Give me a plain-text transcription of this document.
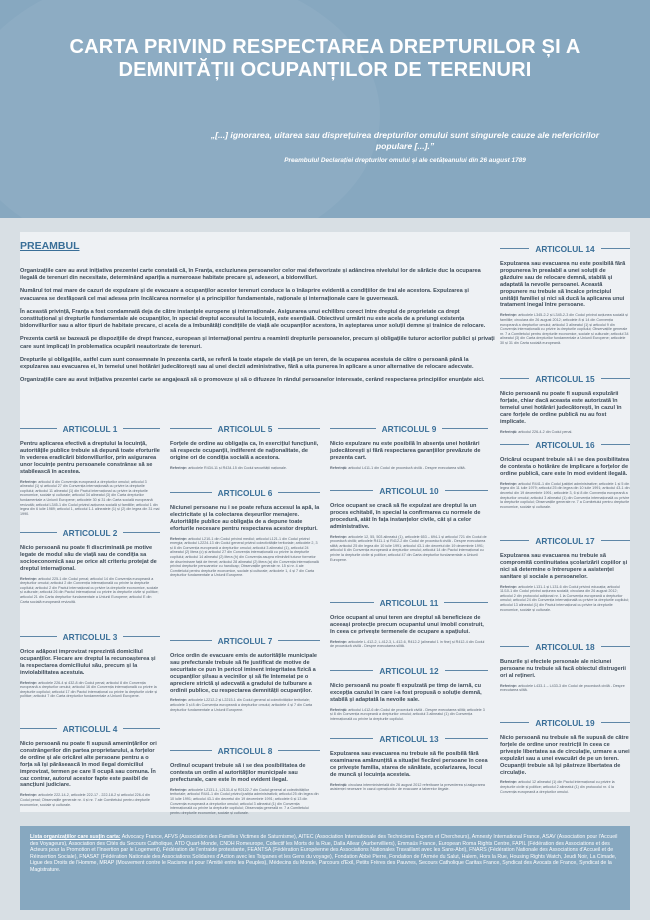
CARTA PRIVIND RESPECTAREA DREPTURILOR ȘI A DEMNITĂȚII OCUPANȚILOR DE TERENURI
„[...] ignorarea, uitarea sau disprețuirea drepturilor omului sunt singurele cauze ale nefericirilor populare [...].”
Preambulul Declarației drepturilor omului și ale cetățeanului din 26 august 1789
PREAMBUL

Organizațiile care au avut inițiativa prezentei carte constată că, în Franța, excluziunea persoanelor celor mai defavorizate și adâncirea nivelului lor de sărăcie duc la ocuparea ilegală de terenuri din necesitate, determinând apariția a numeroase habitate precare și, adeseori, a bidonvilluri.

Numărul tot mai mare de cazuri de expulzare și de evacuare a ocupanților acestor terenuri conduce la o înăsprire evidentă a condițiilor de trai ale acestora. Expulzarea și evacuarea se desfășoară cel mai adesea prin încălcarea normelor și a principiilor fundamentale, naționale și internaționale care le guvernează.

În această privință, Franța a fost condamnată deja de către instanțele europene și internaționale. Asigurarea unui echilibru corect între dreptul de proprietate ca drept constituțional și drepturile fundamentale ale ocupanților, în special dreptul accesului la locuință, este esențială. Obiectivul urmărit nu este acela de a prelungi existența bidonvillurilor sau a altor tipuri de habitate precare, ci acela de a îmbunătăți condițiile de viață ale ocupanților acestora, în așteptarea unor soluții demne și trainice de relocare.

Prezenta cartă se bazează pe dispozițiile de drept francez, european și internațional pentru a reaminti drepturile persoanelor, precum și obligațiile tuturor actorilor publici și privați care sunt implicați în problematica ocupării neautorizate de terenuri.

Drepturile și obligațiile, astfel cum sunt consemnate în prezenta cartă, se referă la toate etapele de viață pe un teren, de la ocuparea acestuia de către o persoană până la expulzarea sau evacuarea ei, în temeiul unei hotărâri judecătorești sau al unei decizii administrative, fără a uita punerea în aplicare a unor alternative de relocare adecvate.

Organizațiile care au avut inițiativa prezentei carte se angajează să o promoveze și să o difuzeze în rândul persoanelor interesate, cerând respectarea principiilor enunțate aici.

ARTICOLUL 1
Pentru aplicarea efectivă a dreptului la locuință, autoritățile publice trebuie să depună toate eforturile în vederea eradicării bidonvillurilor, prin asigurarea unor locuințe pentru persoanele constrânse să se stabilească în acestea.
Referințe: articolul 8 din Convenția europeană a drepturilor omului; articolul 3 alineatul (1) și articolul 27 din Convenția internațională cu privire la drepturile copilului; articolul 11 alineatul (1) din Pactul internațional cu privire la drepturile economice, sociale și culturale; articolul 34 alineatul (3) din Carta drepturilor fundamentale a Uniunii Europene; articolele 30 și 31 din Carta socială europeană revizuită; articolul L345-1 din Codul privind acțiunea socială și familiile; articolul 1 din legea din 6 iulie 1989; articolul 1, articolul 1-1 alineatele (1) și (2) din legea din 31 mai 1990.
ARTICOLUL 2
Nicio persoană nu poate fi discriminată pe motive legate de modul său de viață sau de condiția sa socioeconomică sau pe orice alt criteriu protejat de dreptul internațional.
Referințe: articolul 225-1 din Codul penal; articolul 14 din Convenția europeană a drepturilor omului; articolul 2 din Convenția internațională cu privire la drepturile copilului; articolul 2 din Pactul internațional cu privire la drepturile economice, sociale și culturale; articolul 26 din Pactul internațional cu privire la drepturile civile și politice; articolul 21 din Carta drepturilor fundamentale a Uniunii Europene; articolul E din Carta socială europeană revizuită.
ARTICOLUL 3
Orice adăpost improvizat reprezintă domiciliul ocupanților. Fiecare are dreptul la recunoașterea și la respectarea domiciliului său, precum și la inviolabilitatea acestuia.
Referințe: articolele 226-4 și 432-8 din Codul penal; articolul 8 din Convenția europeană a drepturilor omului; articolul 16 din Convenția internațională cu privire la drepturile copilului; articolul 17 din Pactul internațional cu privire la drepturile civile și politice; articolul 7 din Carta drepturilor fundamentale a Uniunii Europene.
ARTICOLUL 4
Nicio persoană nu poate fi supusă amenințărilor ori constrângerilor din partea proprietarului, a forțelor de ordine și ale oricărei alte persoane pentru a o forța să își părăsească în mod ilegal domiciliul improvizat, termen pe care îl ocupă sau comuna. În caz contrar, autorul acestor fapte este pasibil de sancțiuni judiciare.
Referințe: articolele 222-14-2, articolele 222-17 - 222-18-2 și articolul 226-4 din Codul penal; Observațiile generale nr. 4 și nr. 7 ale Comitetului pentru drepturile economice, sociale și culturale.
ARTICOLUL 5
Forțele de ordine au obligația ca, în exercițiul funcțiunii, să respecte ocupanții, indiferent de naționalitate, de origine ori de condiția socială a acestora.
Referințe: articolele R434-11 și R434-15 din Codul securității naționale.
ARTICOLUL 6
Niciunei persoane nu i se poate refuza accesul la apă, la electricitate și la colectarea deșeurilor menajere. Autoritățile publice au obligația de a depune toate eforturile necesare pentru respectarea acestor drepturi.
Referințe: articolul L210-1 din Codul privind mediul; articolul L121-1 din Codul privind energia; articolul L2224-13 din Codul general privind colectivitățile teritoriale; articolele 2, 3 și 8 din Convenția europeană a drepturilor omului; articolul 3 alineatul (1), articolul 24 alineatul (2) litera (c) și articolul 27 din Convenția internațională cu privire la drepturile copilului; articolul 14 alineatul (2) litera (h) din Convenția asupra eliminării tuturor formelor de discriminare față de femei; articolul 28 alineatul (2) litera (a) din Convenția internațională privind drepturile persoanelor cu handicap; Observațiile generale nr. 15 și nr. 4 ale Comitetului pentru drepturile economice, sociale și culturale; articolele 1, 4 și 7 din Carta drepturilor fundamentale a Uniunii Europene.
ARTICOLUL 7
Orice ordin de evacuare emis de autoritățile municipale sau prefecturale trebuie să fie justificat de motive de securitate ce pun în pericol iminent integritatea fizică a ocupanților și/sau a vecinilor și să fie întemeiat pe o apreciere strictă și adecvată a gradului de tulburare a ordinii publice, cu respectarea demnității ocupanților.
Referințe: articolele L2212-2 și L2215-1 din Codul general al colectivităților teritoriale; articolele 3 și 8 din Convenția europeană a drepturilor omului; articolele 4 și 7 din Carta drepturilor fundamentale a Uniunii Europene.
ARTICOLUL 8
Ordinul ocupant trebuie să i se dea posibilitatea de contesta un ordin al autorităților municipale sau prefecturale, care este în mod evident ilegal.
Referințe: articolele L2131-1, L2131-6 și R2122-7 din Codul general al colectivităților teritoriale; articolul R441-1 din Codul privind justiția administrativă; articolul 25 din legea din 10 iulie 1991; articolul 43-1 din decretul din 19 decembrie 1991; articolele 6 și 13 din Convenția europeană a drepturilor omului; articolul 3 alineatul (1) din Convenția internațională cu privire la drepturile copilului; Observația generală nr. 7 a Comitetului pentru drepturile economice, sociale și culturale.
ARTICOLUL 9
Nicio expulzare nu este posibilă în absența unei hotărâri judecătorești și fără respectarea garanțiilor prevăzute de prezenta cart.
Referință: articolul L411-1 din Codul de procedură civilă - Despre executarea silită.
ARTICOLUL 10
Orice ocupant se cracă să fie expulzat are dreptul la un proces echitabil, în special la confirmarea cu normele de procedură, atât în fața instanțelor civile, cât și a celor administrative.
Referințe: articolele 12, 55, 503 alineatul (1), articolele 653 – 694-1 și articolul 721 din Codul de procedură civilă; articolele R411-1 și R412-2 din Codul de procedură civilă - Despre executarea silită; articolul 25 din legea din 10 iulie 1991; articolul 43-1 din decretul din 19 decembrie 1991; articolul 6 din Convenția europeană a drepturilor omului; articolul 14 din Pactul internațional cu privire la drepturile civile și politice; articolul 47 din Carta drepturilor fundamentale a Uniunii Europene.
ARTICOLUL 11
Orice ocupant al unui teren are dreptul să beneficieze de aceeași protecție precum ocupantul unui imobil construit, în ceea ce privește termenele de ocupare a spațiului.
Referințe: articolele L.412-2, L.412-3, L.412-6, R412-2 (alineatul 1 in fine) și R412-4 din Codul de procedură civilă - Despre executarea silită.
ARTICOLUL 12
Nicio persoană nu poate fi expulzată pe timp de iarnă, cu excepția cazului în care i-a fost propusă o soluție demnă, stabilă și adaptată la nevoile sale.
Referință: articolul L412-6 din Codul de procedură civilă - Despre executarea silită; articolele 3 și 8 din Convenția europeană a drepturilor omului; articolul 3 alineatul (1) din Convenția internațională cu privire la drepturile copilului.
ARTICOLUL 13
Expulzarea sau evacuarea nu trebuie să fie posibilă fără examinarea amănunțită a situației fiecărei persoane în ceea ce privește familia, starea de sănătate, școlarizarea, locul de muncă și locuința acesteia.
Referință: circulara interministerială din 26 august 2012 referitoare la prevederea și asigurarea asistenței necesare în cazul operațiunilor de evacuare a taberelor ilegale.
ARTICOLUL 14
Expulzarea sau evacuarea nu este posibilă fără propunerea în prealabil a unei soluții de găzduire sau de relocare demnă, stabilă și adaptată la nevoile persoanei. Această propunere nu trebuie să încalce principiul unității familiei și nici să ducă la aplicarea unui tratament inegal între persoane.
Referințe: articolele L345-2-2 și L345-2-3 din Codul privind acțiunea socială și familiile; circulara din 26 august 2012; articolele 8 și 14 din Convenția europeană a drepturilor omului; articolul 3 alineatul (1) și articolul 9 din Convenția internațională cu privire la drepturile copilului; Observațiile generale nr. 7 a Comitetului pentru drepturile economice, sociale și culturale; articolul 34 alineatul (3) din Carta drepturilor fundamentale a Uniunii Europene; articolele 30 și 31 din Carta socială europeană.
ARTICOLUL 15
Nicio persoană nu poate fi supusă expulzării forțate, chiar dacă aceasta este autorizată în temeiul unei hotărâri judecătorești, în cazul în care forțele de ordine publică nu au fost implicate.
Referință: articolul 226-4-2 din Codul penal.
ARTICOLUL 16
Oricărui ocupant trebuie să i se dea posibilitatea de contesta o hotărâre de implicare a forțelor de ordine publică, care este în mod evident ilegală.
Referințe: articolul R441-1 din Codul justiției administrative; articolele 1 și 5 din legea din 11 iulie 1979; articolul 25 din legea din 10 iulie 1991; articolul 43-1 din decretul din 19 decembrie 1991; articolele 3, 6 și 8 din Convenția europeană a drepturilor omului; articolul 3 alineatul (1) din Convenția internațională cu privire la drepturile copilului; Observațiile generale nr. 7 a Comitetului pentru drepturile economice, sociale și culturale.
ARTICOLUL 17
Expulzarea sau evacuarea nu trebuie să compromită continuitatea școlarizării copiilor și nici să determine o întrerupere a asistenței sanitare și sociale a persoanelor.
Referințe: articolele L131-1 și L131-6 din Codul privind educația; articolul 11/10-1 din Codul privind acțiunea socială; circulara din 26 august 2012; articolul 2 din protocolul adițional nr. 1 la Convenția europeană a drepturilor omului; articolul 24 din Convenția internațională cu privire la drepturile copilului; articolul 13 alineatul (1) din Pactul internațional cu privire la drepturile economice, sociale și culturale.
ARTICOLUL 18
Bunurile și efectele personale ale niciunei persoane nu trebuie să facă obiectul distrugerii ori al rețineri.
Referințe: articolele L433-1 – L433-3 din Codul de procedură civilă - Despre executarea silită.
ARTICOLUL 19
Nicio persoană nu trebuie să fie supusă de către forțele de ordine unor restricții în ceea ce privește libertatea sa de circulație, urmare a unei expulzări sau a unei evacuări de pe un teren. Ocupanții trebuie să își păstreze libertatea de circulație.
Referințe: articolul 12 alineatul (1) din Pactul internațional cu privire la drepturile civile și politice; articolul 2 alineatul (1) din protocolul nr. 4 la Convenția europeană a drepturilor omului.
Lista organizațiilor care susțin carta: Advocacy France, AFVS (Association des Familles Victimes de Saturnisme), AITEC (Association Internationale des Techniciens Experts et Chercheurs), Amnesty International France, ASAV (Association pour l'Accueil des Voyageurs), Association des Cités du Secours Catholique, ATD Quart-Monde, CNDH Romeurope, Collectif les Morts de la Rue, Dalla Allear (Aurbervilliers), Emmaüs France, European Roma Rights Centre, FAPIL (Fédération des Associations et des Acteurs pour la Promotion et l'Insertion par le Logement), Fédération de l'entraide protestante, FEANTSA (Fédération Européenne des Associations Nationales Travaillant avec les Sans-Abri), FNARS (Fédération Nationale des Associations d'Accueil et de Réinsertion Sociale), FNASAT (Fédération Nationale des Associations Solidaires d'Action avec les Tsiganes et les Gens du voyage), Fondation Abbé Pierre, Fondation de l'Armée du Salut, Halem, Hors la Rue, Housing Rights Watch, Jeudi Noir, La Cimade, Ligue des Droits de l'Homme, MRAP (Mouvement contre le Racisme et pour l'Amitié entre les Peuples), Médecins du Monde, Parcours d'Exil, Petits Frères des Pauvres, Secours Catholique Caritas France, Syndicat des Avocats de France, Syndicat de la Magistrature.
